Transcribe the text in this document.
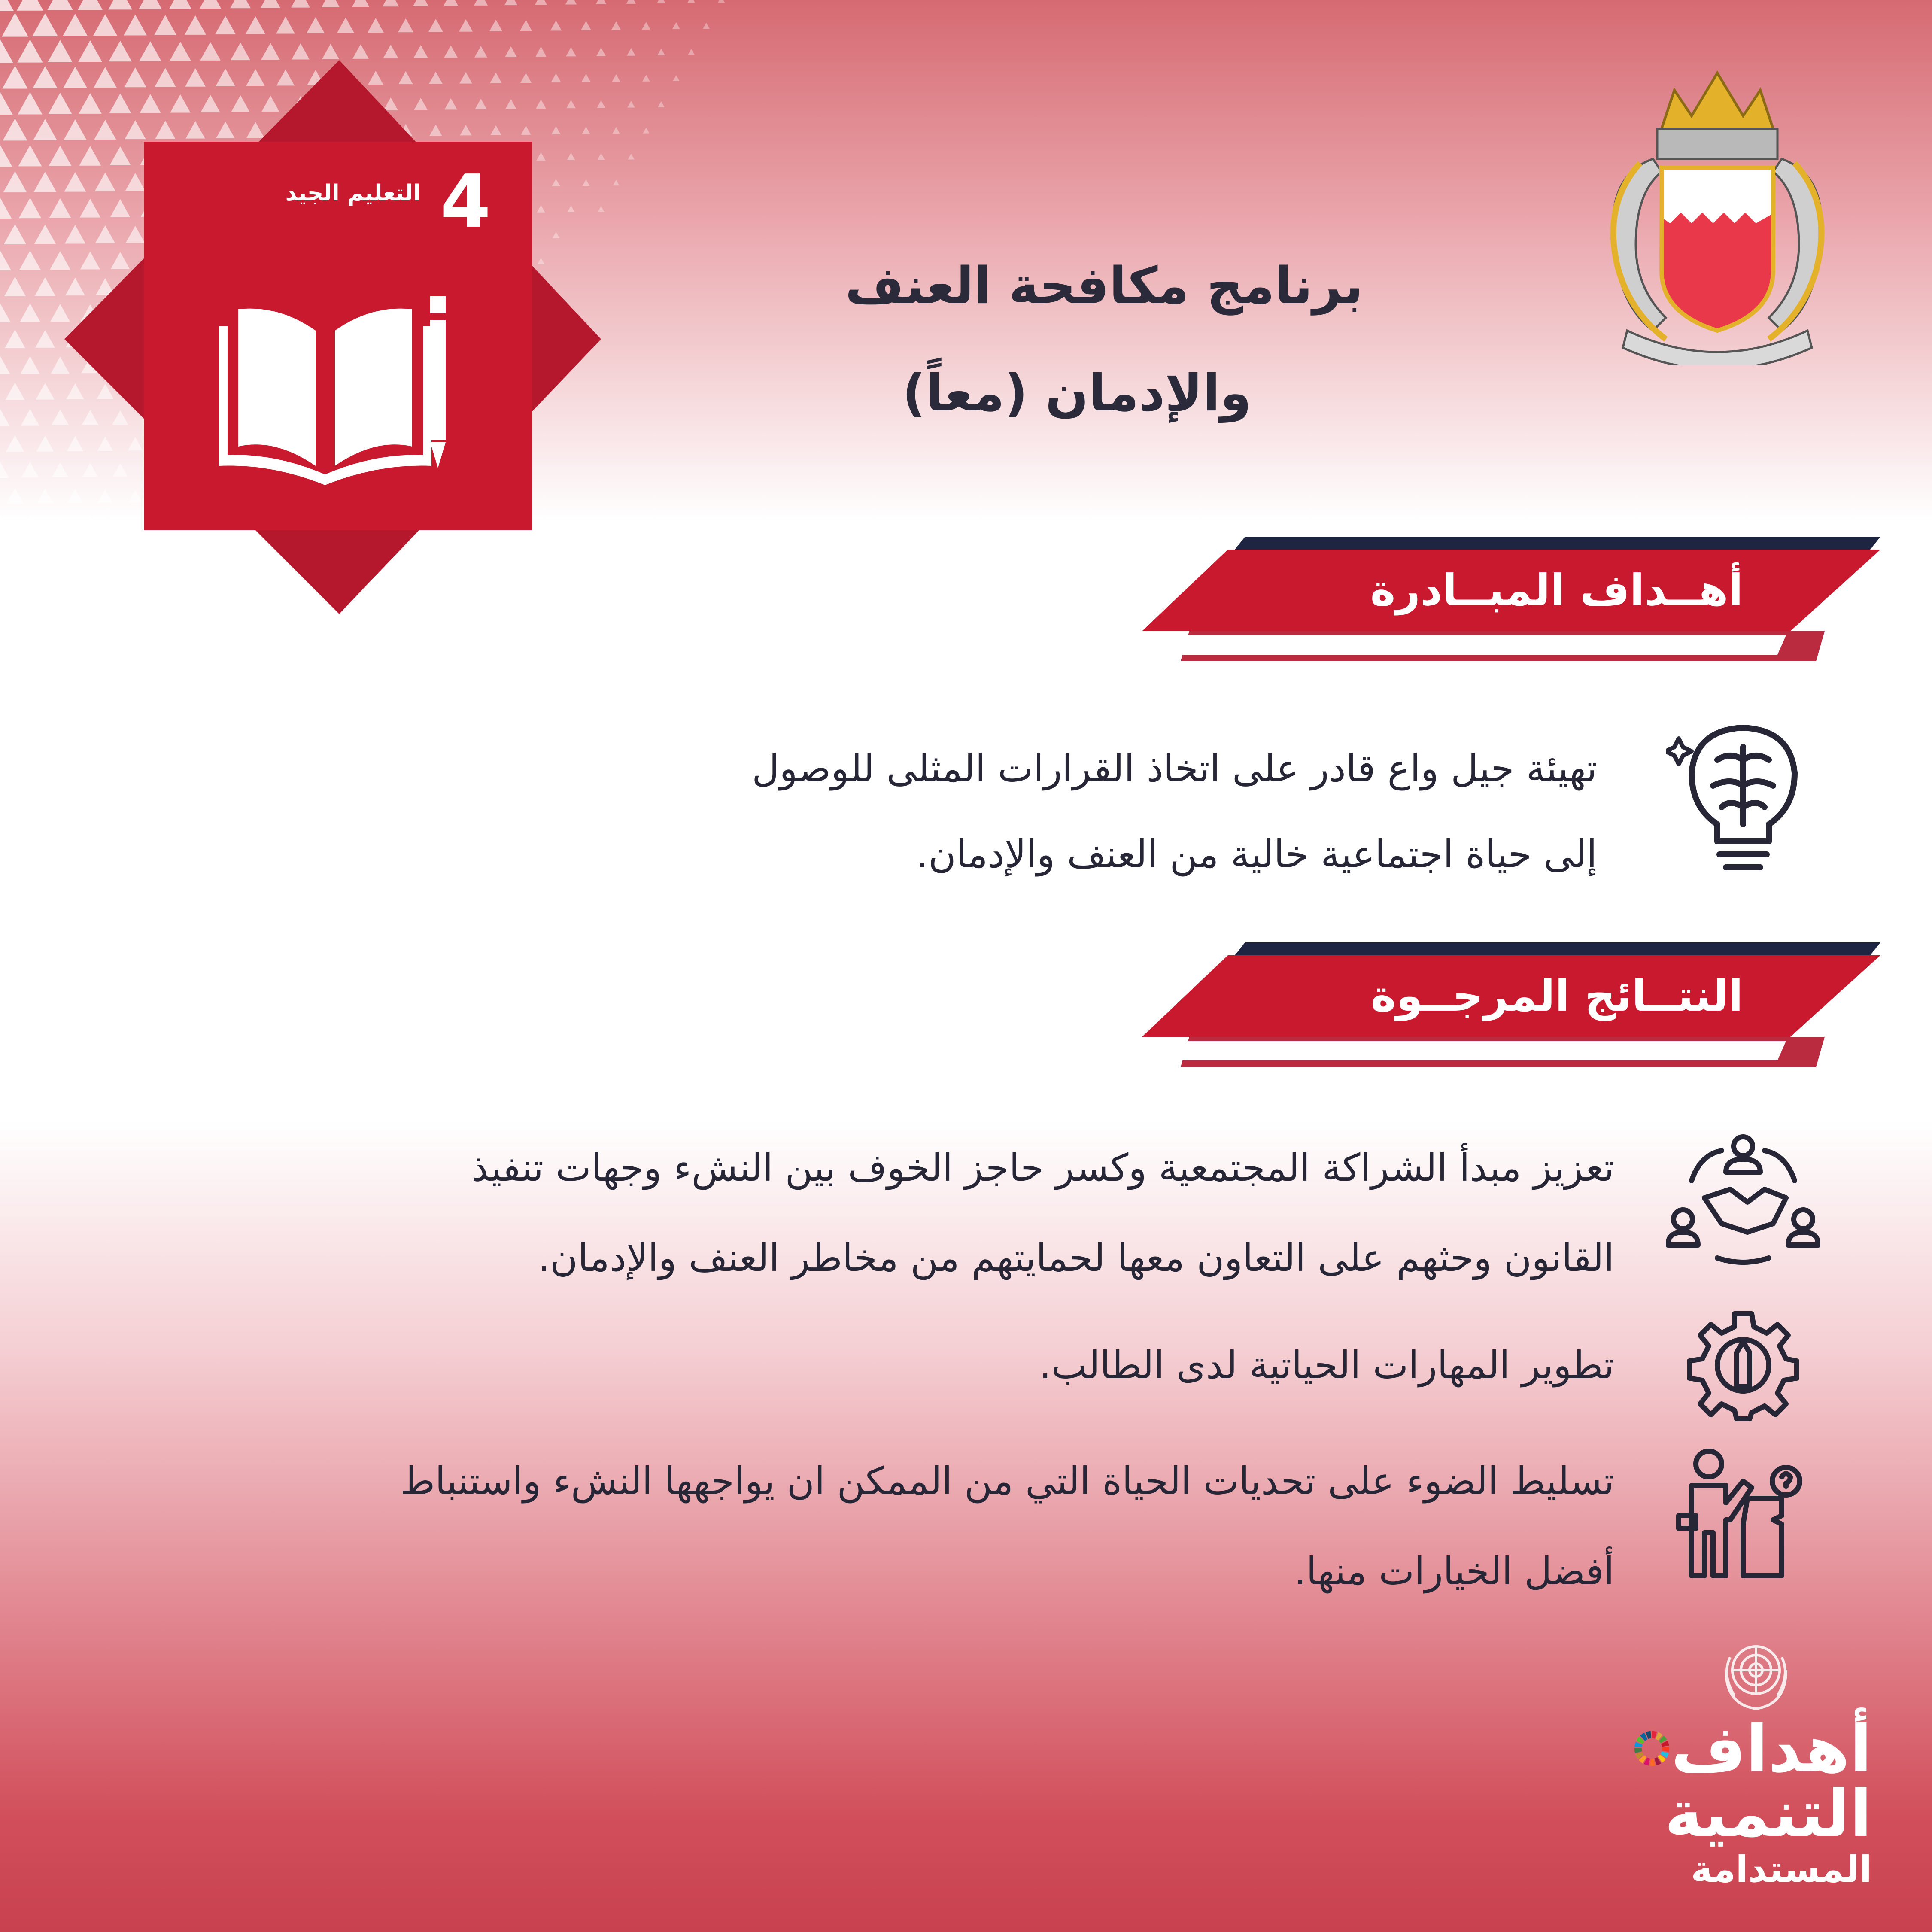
4
التعليم الجيد
برنامج مكافحة العنف
والإدمان (معاً)
أهــداف المبــادرة
تهيئة جيل واع قادر على اتخاذ القرارات المثلى للوصول
إلى حياة اجتماعية خالية من العنف والإدمان.
النتــائج المرجــوة
تعزيز مبدأ الشراكة المجتمعية وكسر حاجز الخوف بين النشء وجهات تنفيذ
القانون وحثهم على التعاون معها لحمايتهم من مخاطر العنف والإدمان.
تطوير المهارات الحياتية لدى الطالب.
تسليط الضوء على تحديات الحياة التي من الممكن ان يواجهها النشء واستنباط
أفضل الخيارات منها.
أهداف
التنمية
المستدامة
